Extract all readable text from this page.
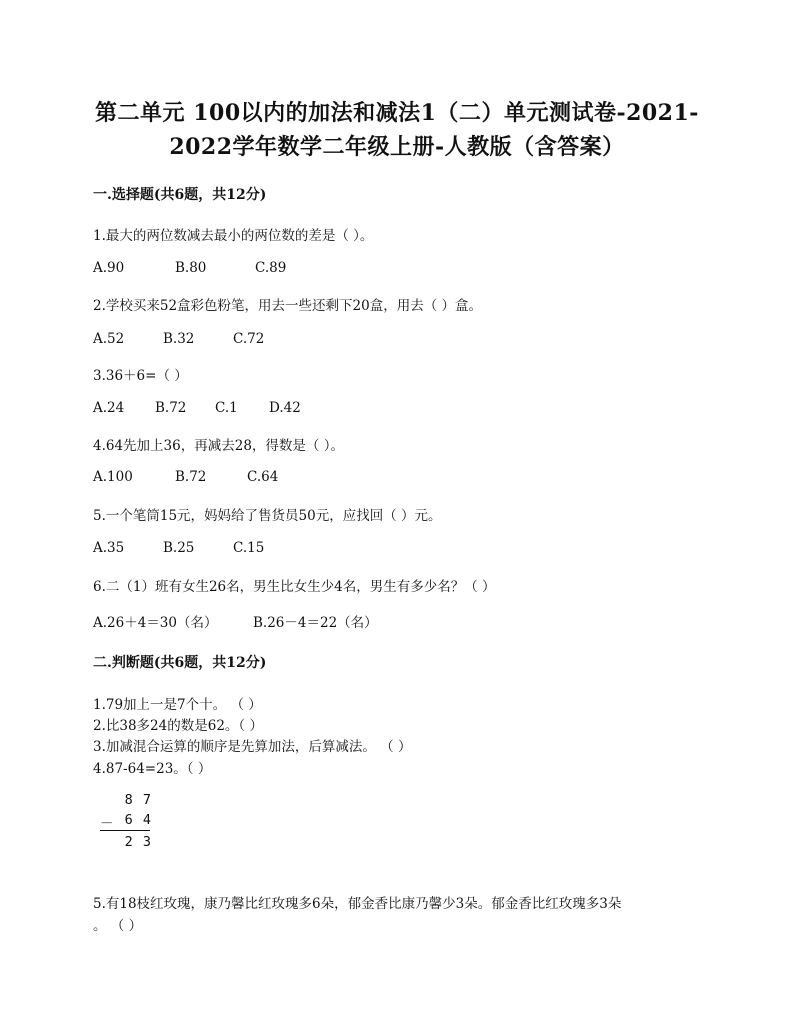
第二单元 100以内的加法和减法1（二）单元测试卷-2021-
2022学年数学二年级上册-人教版（含答案）
一.选择题(共6题，共12分)
1.最大的两位数减去最小的两位数的差是（ ）。
A.90	B.80	C.89
2.学校买来52盒彩色粉笔，用去一些还剩下20盒，用去（ ）盒。
A.52	B.32	C.72
3.36＋6=（ ）
A.24 B.72 C.1 D.42
4.64先加上36，再减去28，得数是（ ）。
A.100	B.72	C.64
5.一个笔筒15元，妈妈给了售货员50元，应找回（ ）元。
A.35	B.25	C.15
6.二（1）班有女生26名，男生比女生少4名，男生有多少名？（ ）
A.26＋4＝30（名）	B.26－4＝22（名）
二.判断题(共6题，共12分)
1.79加上一是7个十。 （ ）
2.比38多24的数是62。（ ）
3.加减混合运算的顺序是先算加法，后算减法。 （ ）
4.87-64=23。（ ）
8 7
－ 6 4
2 3
5.有18枝红玫瑰，康乃馨比红玫瑰多6朵，郁金香比康乃馨少3朵。郁金香比红玫瑰多3朵
。 （ ）
